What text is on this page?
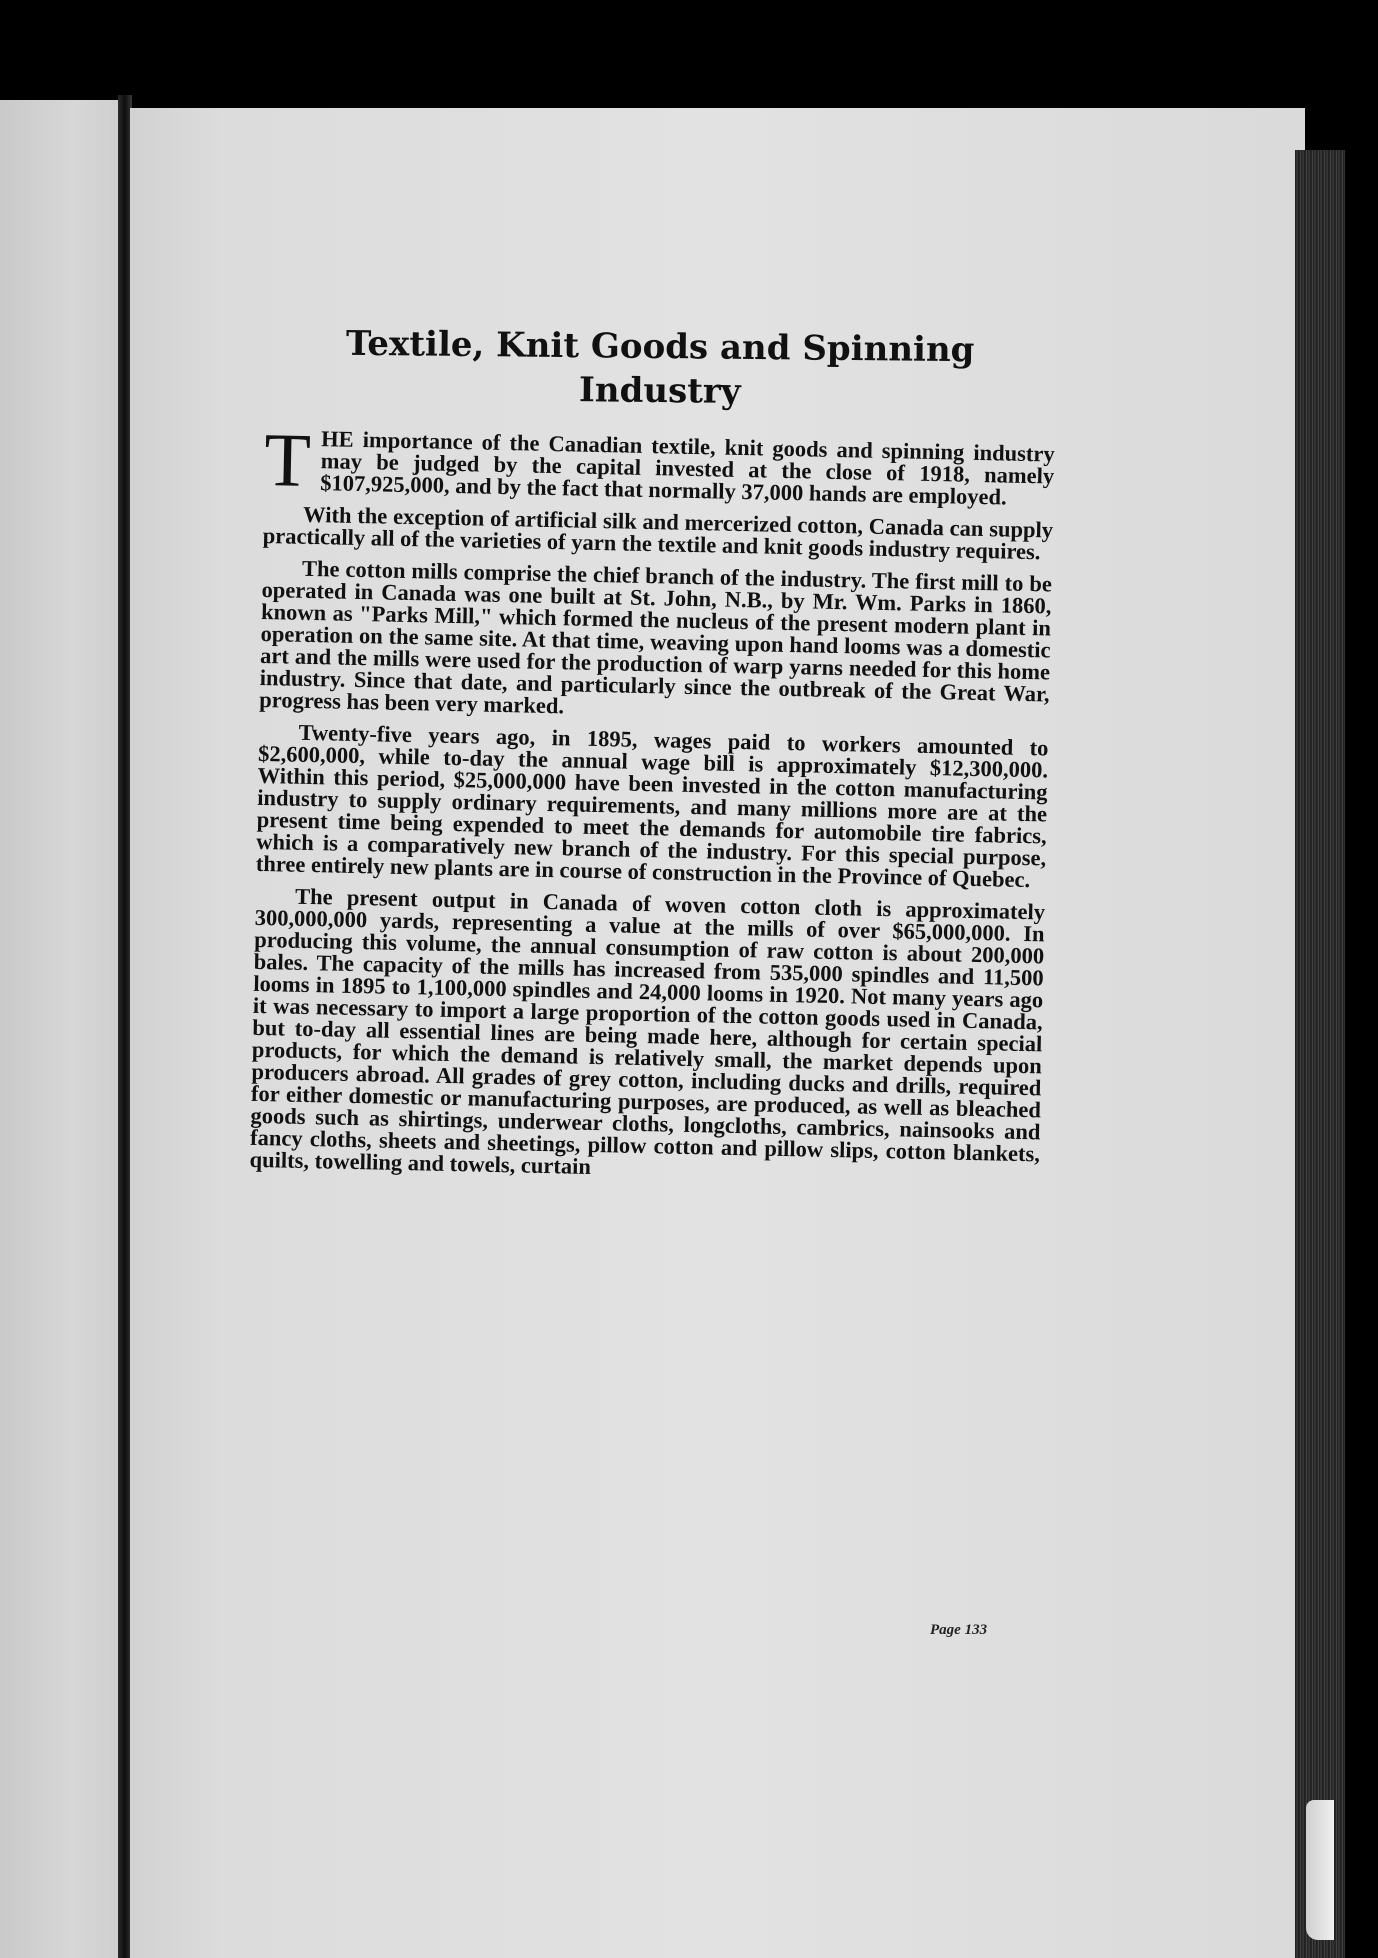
Textile, Knit Goods and Spinning Industry

THE importance of the Canadian textile, knit goods and spinning industry may be judged by the capital invested at the close of 1918, namely $107,925,000, and by the fact that normally 37,000 hands are employed.

With the exception of artificial silk and mercerized cotton, Canada can supply practically all of the varieties of yarn the textile and knit goods industry requires.

The cotton mills comprise the chief branch of the industry. The first mill to be operated in Canada was one built at St. John, N.B., by Mr. Wm. Parks in 1860, known as "Parks Mill," which formed the nucleus of the present modern plant in operation on the same site. At that time, weaving upon hand looms was a domestic art and the mills were used for the production of warp yarns needed for this home industry. Since that date, and particularly since the outbreak of the Great War, progress has been very marked.

Twenty-five years ago, in 1895, wages paid to workers amounted to $2,600,000, while to-day the annual wage bill is approximately $12,300,000. Within this period, $25,000,000 have been invested in the cotton manufacturing industry to supply ordinary requirements, and many millions more are at the present time being expended to meet the demands for automobile tire fabrics, which is a comparatively new branch of the industry. For this special purpose, three entirely new plants are in course of construction in the Province of Quebec.

The present output in Canada of woven cotton cloth is approximately 300,000,000 yards, representing a value at the mills of over $65,000,000. In producing this volume, the annual consumption of raw cotton is about 200,000 bales. The capacity of the mills has increased from 535,000 spindles and 11,500 looms in 1895 to 1,100,000 spindles and 24,000 looms in 1920. Not many years ago it was necessary to import a large proportion of the cotton goods used in Canada, but to-day all essential lines are being made here, although for certain special products, for which the demand is relatively small, the market depends upon producers abroad. All grades of grey cotton, including ducks and drills, required for either domestic or manufacturing purposes, are produced, as well as bleached goods such as shirtings, underwear cloths, longcloths, cambrics, nainsooks and fancy cloths, sheets and sheetings, pillow cotton and pillow slips, cotton blankets, quilts, towelling and towels, curtain

Page 133
